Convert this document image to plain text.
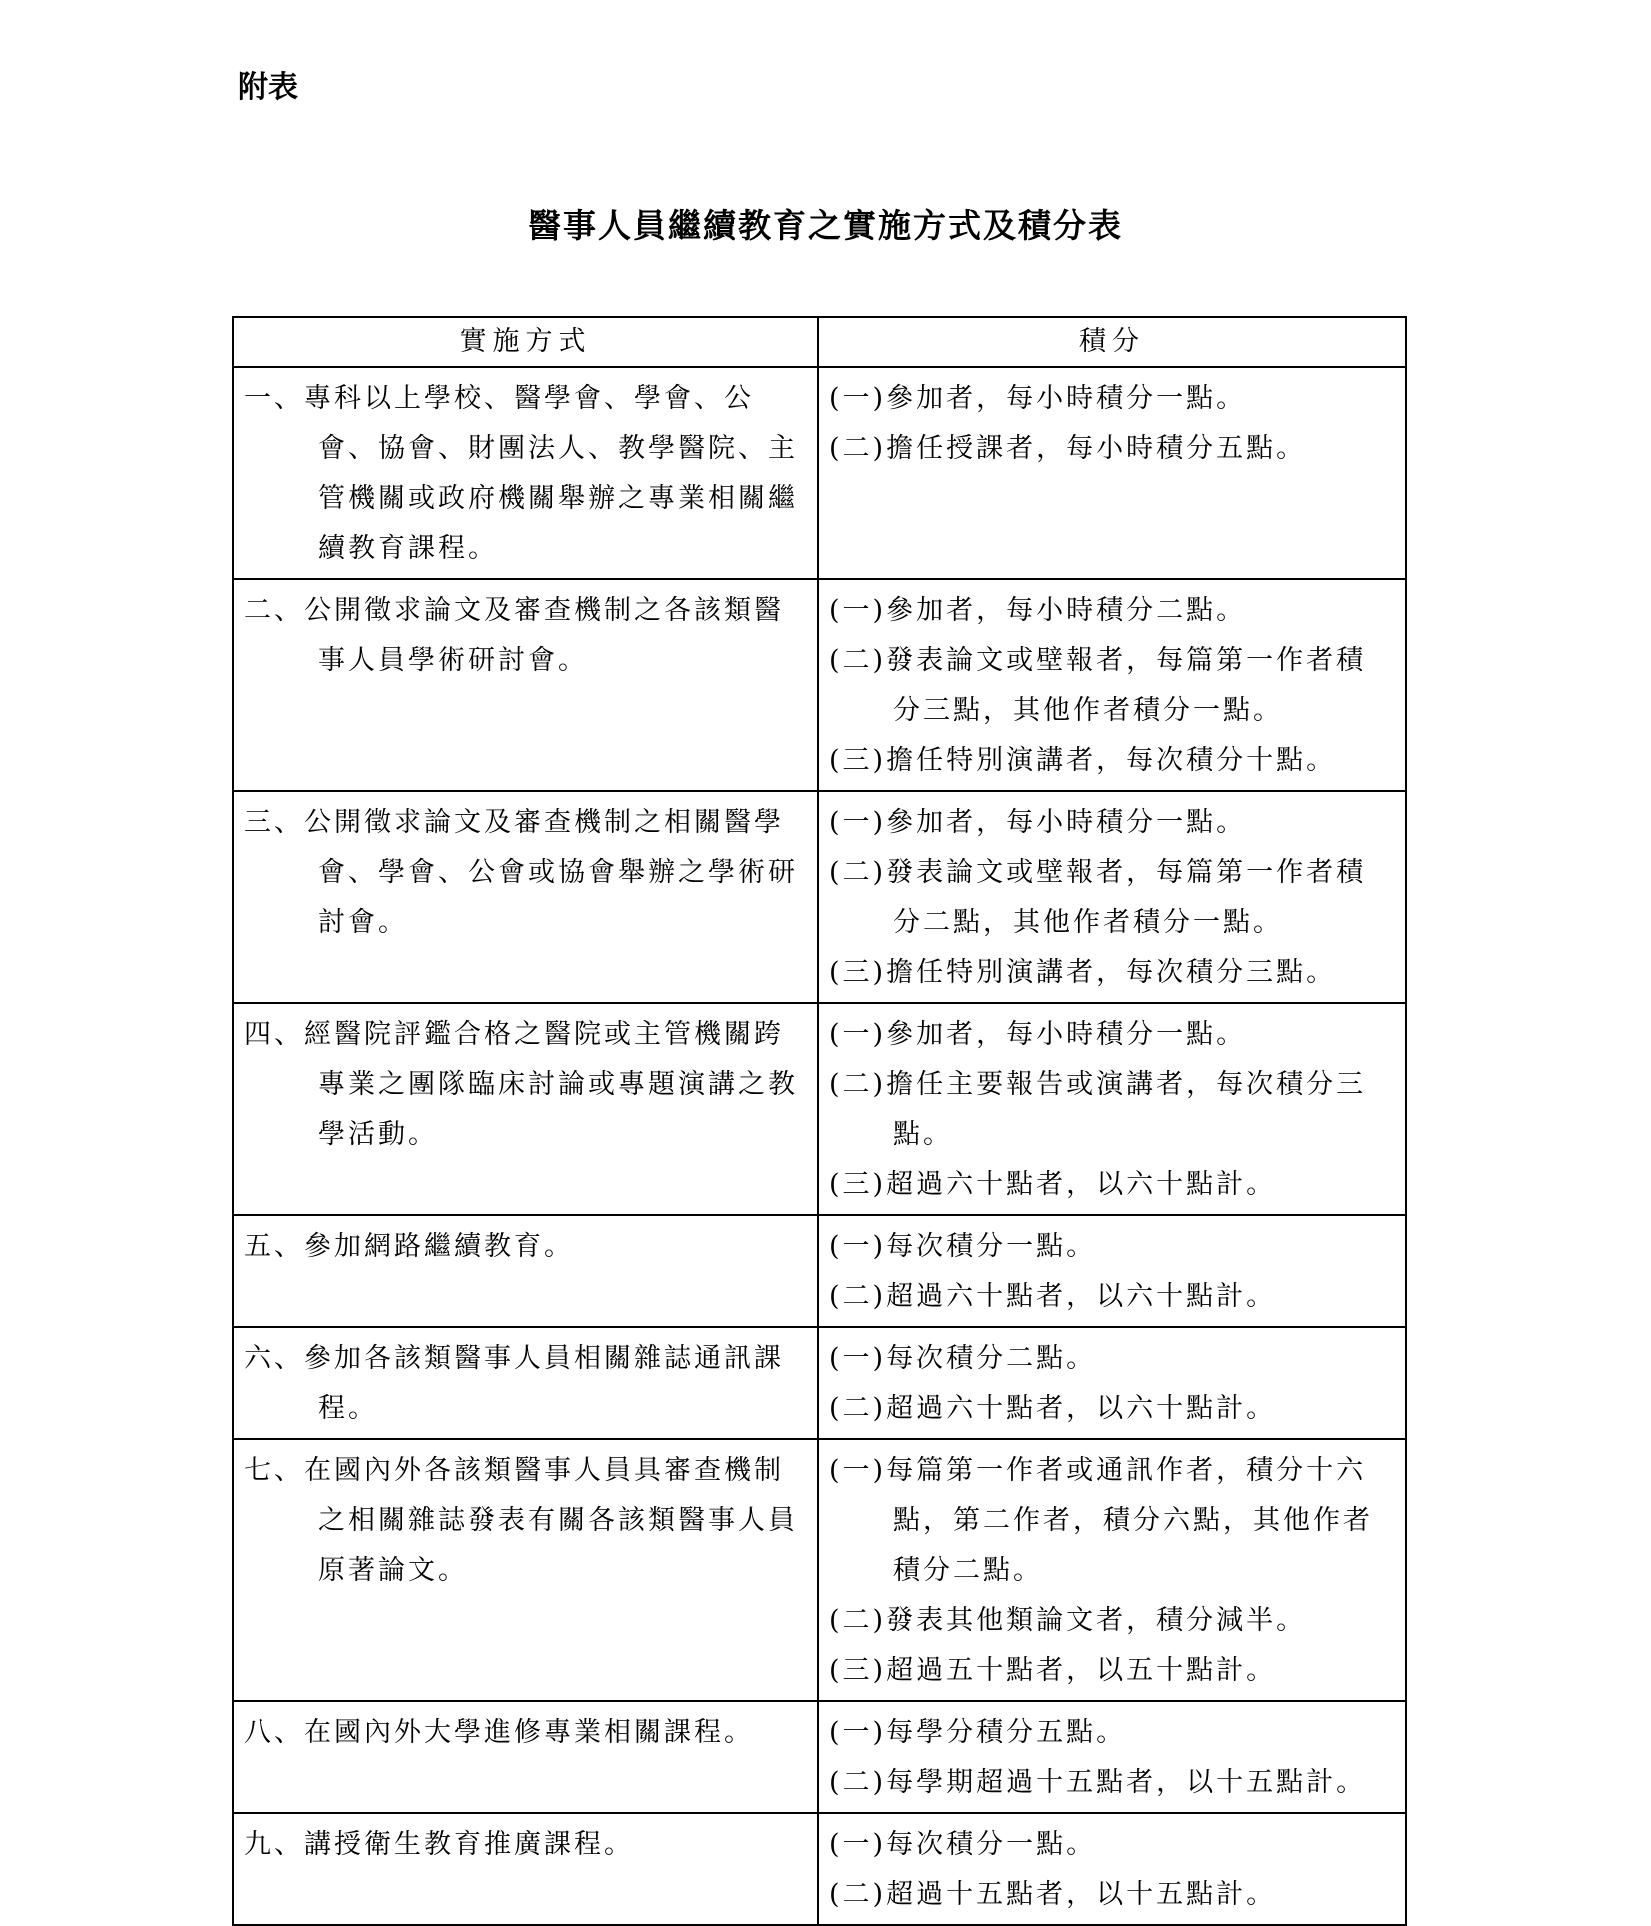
附表
醫事人員繼續教育之實施方式及積分表
實施方式	積分

一、專科以上學校、醫學會、學會、公會、協會、財團法人、教學醫院、主管機關或政府機關舉辦之專業相關繼續教育課程。	(一)參加者，每小時積分一點。
(二)擔任授課者，每小時積分五點。

二、公開徵求論文及審查機制之各該類醫事人員學術研討會。	(一)參加者，每小時積分二點。
(二)發表論文或壁報者，每篇第一作者積分三點，其他作者積分一點。
(三)擔任特別演講者，每次積分十點。

三、公開徵求論文及審查機制之相關醫學會、學會、公會或協會舉辦之學術研討會。	(一)參加者，每小時積分一點。
(二)發表論文或壁報者，每篇第一作者積分二點，其他作者積分一點。
(三)擔任特別演講者，每次積分三點。

四、經醫院評鑑合格之醫院或主管機關跨專業之團隊臨床討論或專題演講之教學活動。	(一)參加者，每小時積分一點。
(二)擔任主要報告或演講者，每次積分三點。
(三)超過六十點者，以六十點計。

五、參加網路繼續教育。	(一)每次積分一點。
(二)超過六十點者，以六十點計。

六、參加各該類醫事人員相關雜誌通訊課程。	(一)每次積分二點。
(二)超過六十點者，以六十點計。

七、在國內外各該類醫事人員具審查機制之相關雜誌發表有關各該類醫事人員原著論文。	(一)每篇第一作者或通訊作者，積分十六點，第二作者，積分六點，其他作者積分二點。
(二)發表其他類論文者，積分減半。
(三)超過五十點者，以五十點計。

八、在國內外大學進修專業相關課程。	(一)每學分積分五點。
(二)每學期超過十五點者，以十五點計。

九、講授衛生教育推廣課程。	(一)每次積分一點。
(二)超過十五點者，以十五點計。
